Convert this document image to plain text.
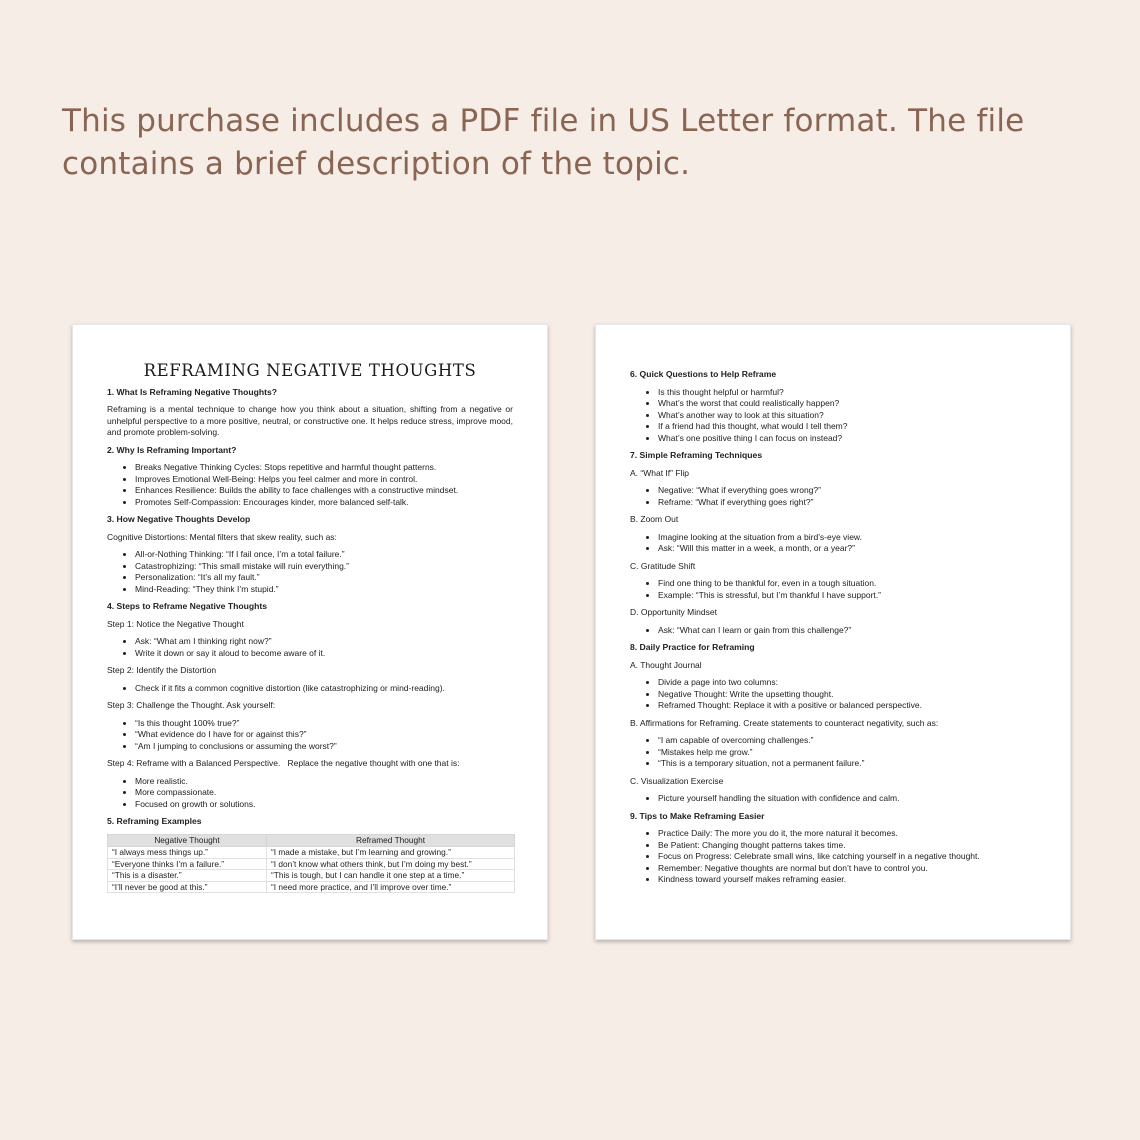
This purchase includes a PDF file in US Letter format. The file contains a brief description of the topic.

REFRAMING NEGATIVE THOUGHTS
1. What Is Reframing Negative Thoughts?

Reframing is a mental technique to change how you think about a situation, shifting from a negative or unhelpful perspective to a more positive, neutral, or constructive one. It helps reduce stress, improve mood, and promote problem-solving.

2. Why Is Reframing Important?
• Breaks Negative Thinking Cycles: Stops repetitive and harmful thought patterns.
• Improves Emotional Well-Being: Helps you feel calmer and more in control.
• Enhances Resilience: Builds the ability to face challenges with a constructive mindset.
• Promotes Self-Compassion: Encourages kinder, more balanced self-talk.
3. How Negative Thoughts Develop

Cognitive Distortions: Mental filters that skew reality, such as:

• All-or-Nothing Thinking: “If I fail once, I’m a total failure.”
• Catastrophizing: “This small mistake will ruin everything.”
• Personalization: “It’s all my fault.”
• Mind-Reading: “They think I’m stupid.”
4. Steps to Reframe Negative Thoughts

Step 1: Notice the Negative Thought

• Ask: “What am I thinking right now?”
• Write it down or say it aloud to become aware of it.

Step 2: Identify the Distortion

• Check if it fits a common cognitive distortion (like catastrophizing or mind-reading).

Step 3: Challenge the Thought. Ask yourself:

• “Is this thought 100% true?”
• “What evidence do I have for or against this?”
• “Am I jumping to conclusions or assuming the worst?”

Step 4: Reframe with a Balanced Perspective.   Replace the negative thought with one that is:

• More realistic.
• More compassionate.
• Focused on growth or solutions.
5. Reframing Examples
Negative Thought	Reframed Thought
“I always mess things up.”	“I made a mistake, but I’m learning and growing.”
“Everyone thinks I’m a failure.”	“I don’t know what others think, but I’m doing my best.”
“This is a disaster.”	“This is tough, but I can handle it one step at a time.”
“I’ll never be good at this.”	“I need more practice, and I’ll improve over time.”
6. Quick Questions to Help Reframe
• Is this thought helpful or harmful?
• What’s the worst that could realistically happen?
• What’s another way to look at this situation?
• If a friend had this thought, what would I tell them?
• What’s one positive thing I can focus on instead?
7. Simple Reframing Techniques

A. “What If” Flip

• Negative: “What if everything goes wrong?”
• Reframe: “What if everything goes right?”

B. Zoom Out

• Imagine looking at the situation from a bird’s-eye view.
• Ask: “Will this matter in a week, a month, or a year?”

C. Gratitude Shift

• Find one thing to be thankful for, even in a tough situation.
• Example: “This is stressful, but I’m thankful I have support.”

D. Opportunity Mindset

• Ask: “What can I learn or gain from this challenge?”
8. Daily Practice for Reframing

A. Thought Journal

• Divide a page into two columns:
• Negative Thought: Write the upsetting thought.
• Reframed Thought: Replace it with a positive or balanced perspective.

B. Affirmations for Reframing. Create statements to counteract negativity, such as:

• “I am capable of overcoming challenges.”
• “Mistakes help me grow.”
• “This is a temporary situation, not a permanent failure.”

C. Visualization Exercise

• Picture yourself handling the situation with confidence and calm.
9. Tips to Make Reframing Easier
• Practice Daily: The more you do it, the more natural it becomes.
• Be Patient: Changing thought patterns takes time.
• Focus on Progress: Celebrate small wins, like catching yourself in a negative thought.
• Remember: Negative thoughts are normal but don’t have to control you.
• Kindness toward yourself makes reframing easier.
